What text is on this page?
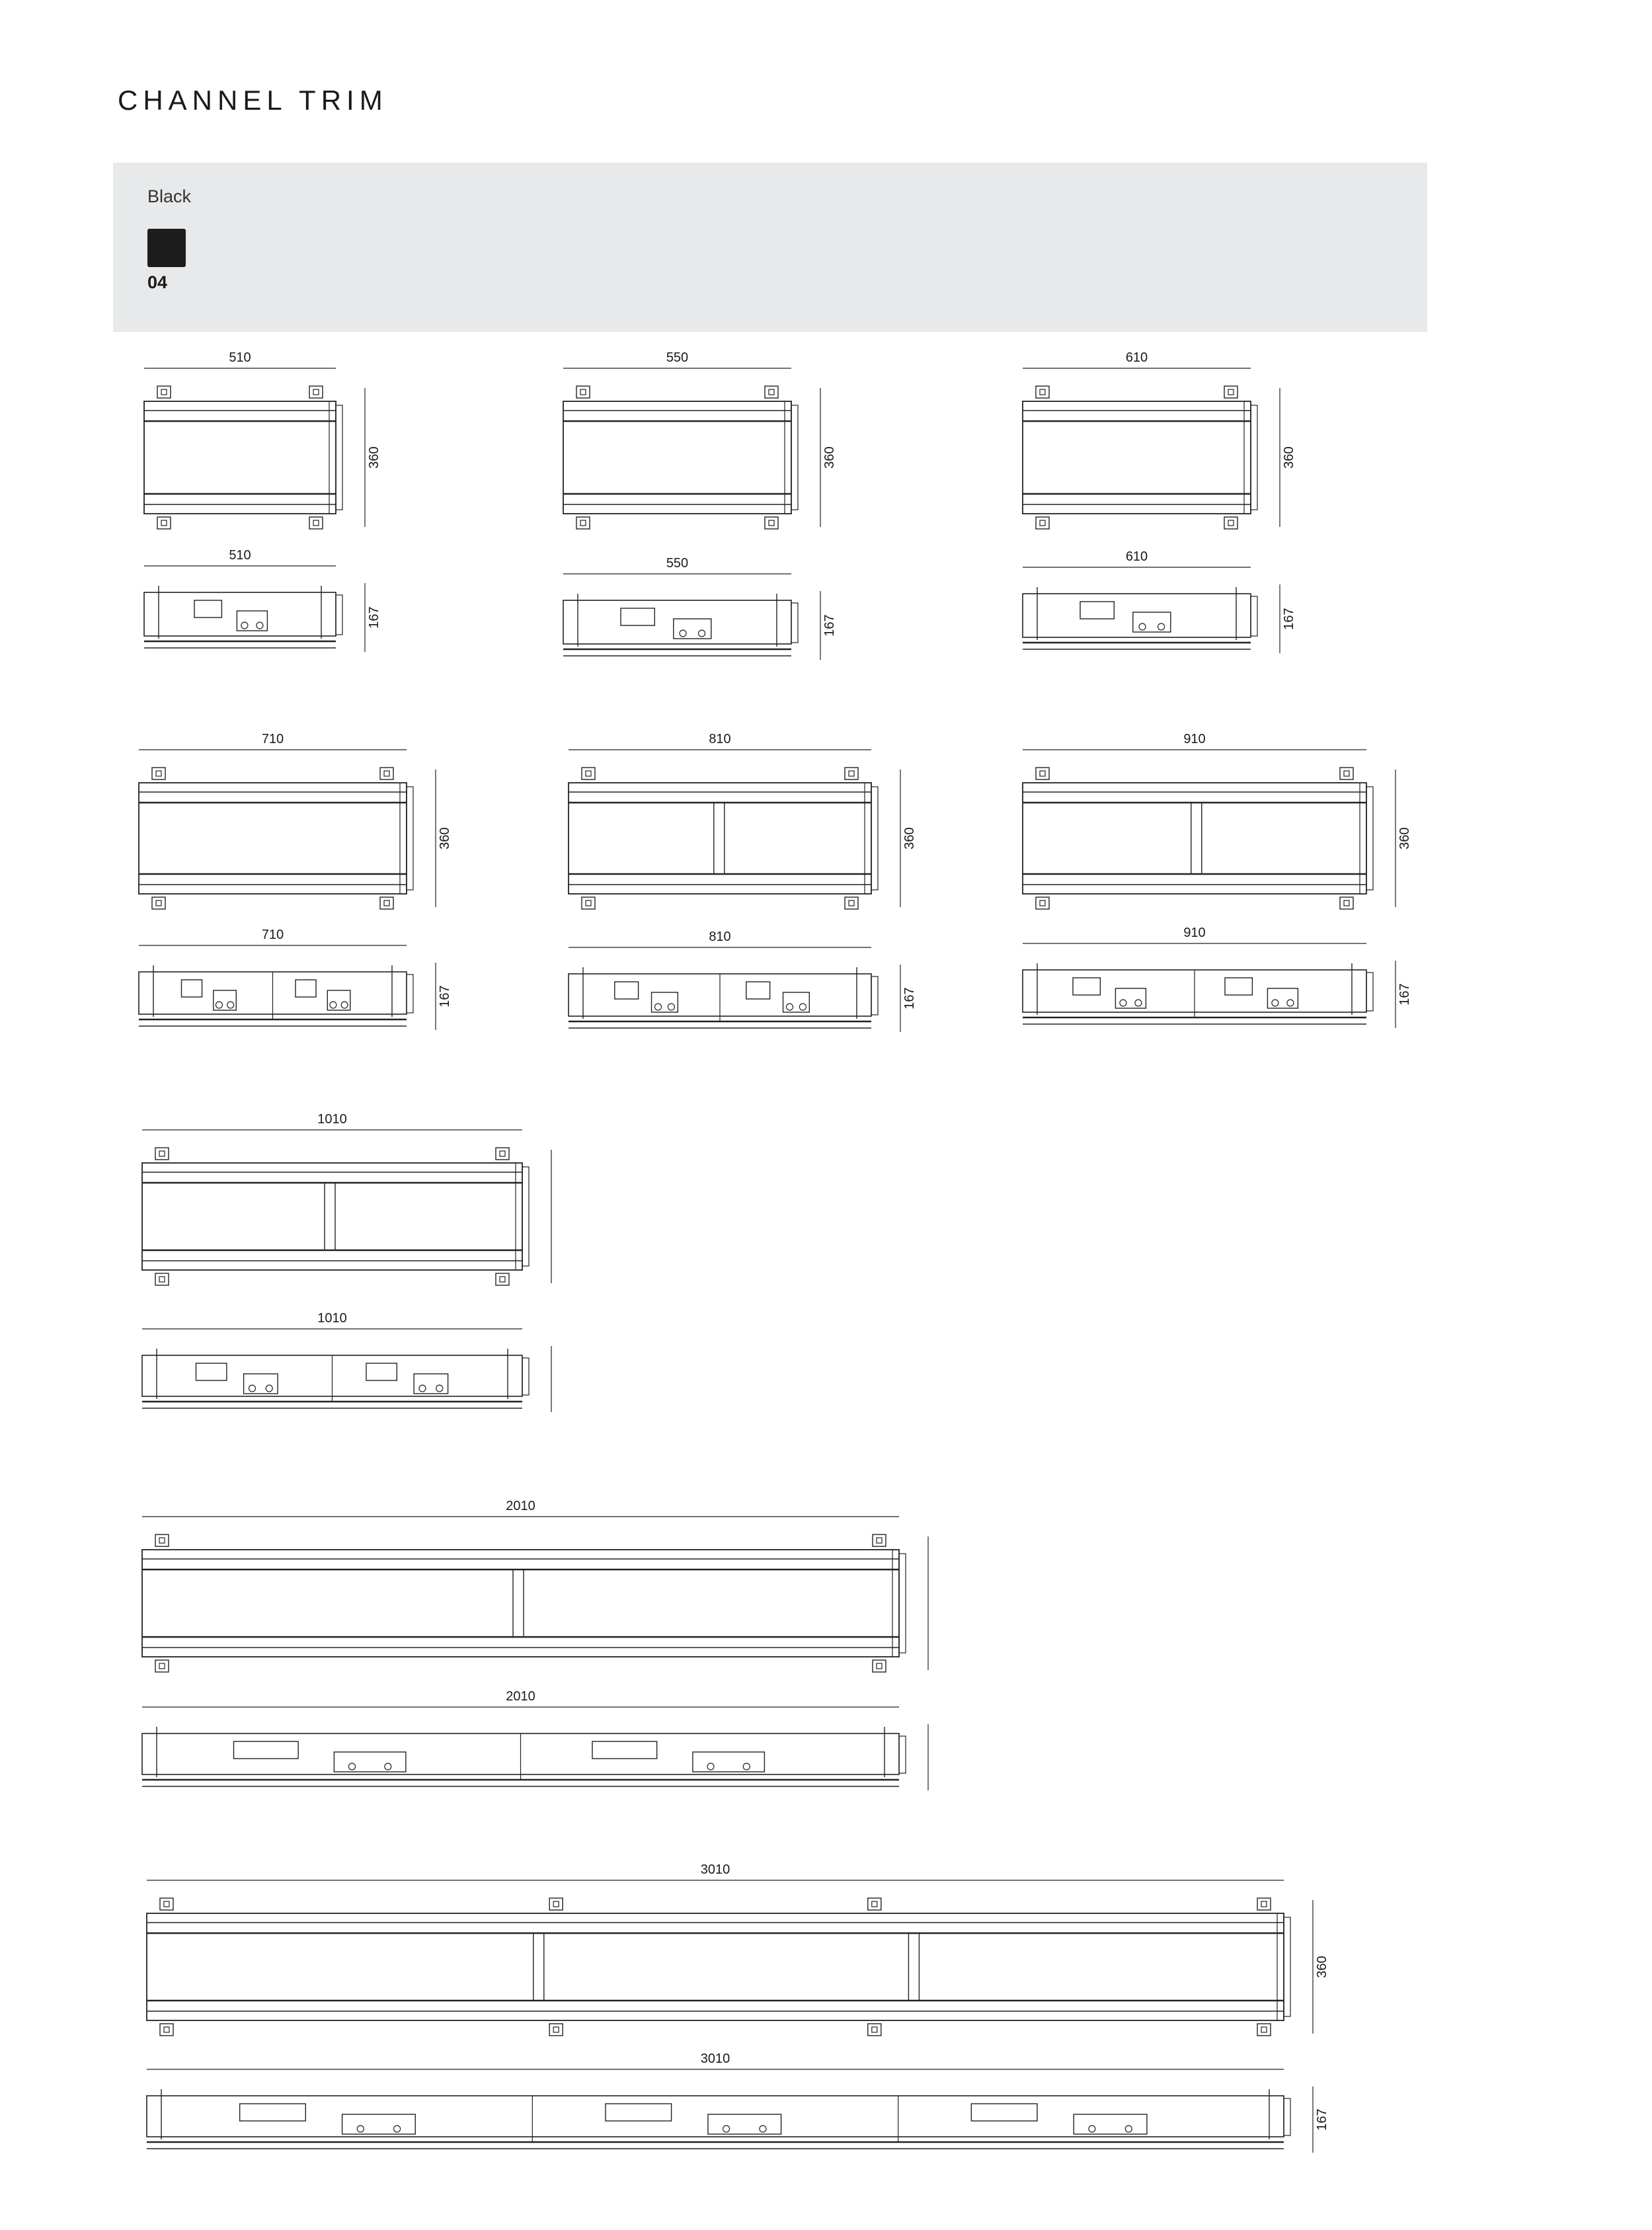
CHANNEL TRIM
Black
04
510
360
510
167
550
360
550
167
610
360
610
167
710
360
710
167
810
360
810
167
910
360
910
167
1010
1010
2010
2010
3010
360
3010
167
